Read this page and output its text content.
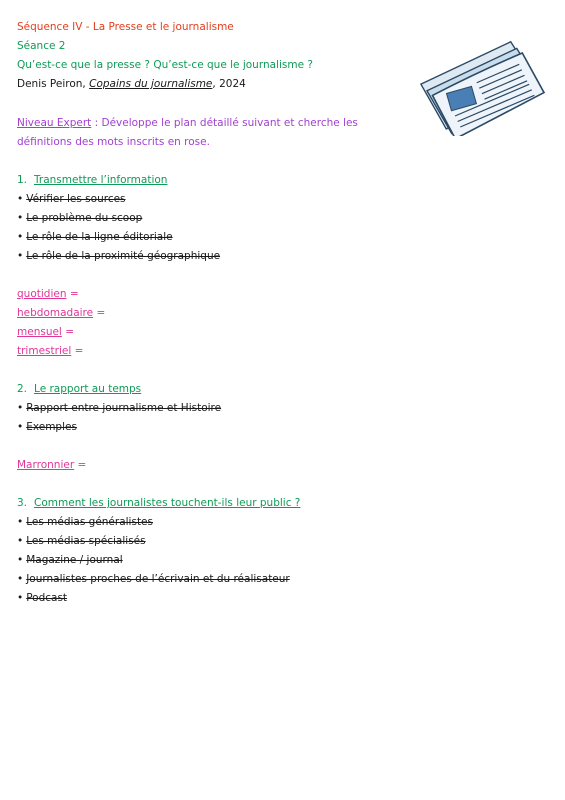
Séquence IV - La Presse et le journalisme
Séance 2
Qu’est-ce que la presse ? Qu’est-ce que le journalisme ?
Denis Peiron, Copains du journalisme, 2024
Niveau Expert : Développe le plan détaillé suivant et cherche les
définitions des mots inscrits en rose.
1. Transmettre l’information
• Vérifier les sources
• Le problème du scoop
• Le rôle de la ligne éditoriale
• Le rôle de la proximité géographique
quotidien =
hebdomadaire =
mensuel =
trimestriel =
2. Le rapport au temps
• Rapport entre journalisme et Histoire
• Exemples
Marronnier =
3. Comment les journalistes touchent-ils leur public ?
• Les médias généralistes
• Les médias spécialisés
• Magazine / journal
• Journalistes proches de l’écrivain et du réalisateur
• Podcast
